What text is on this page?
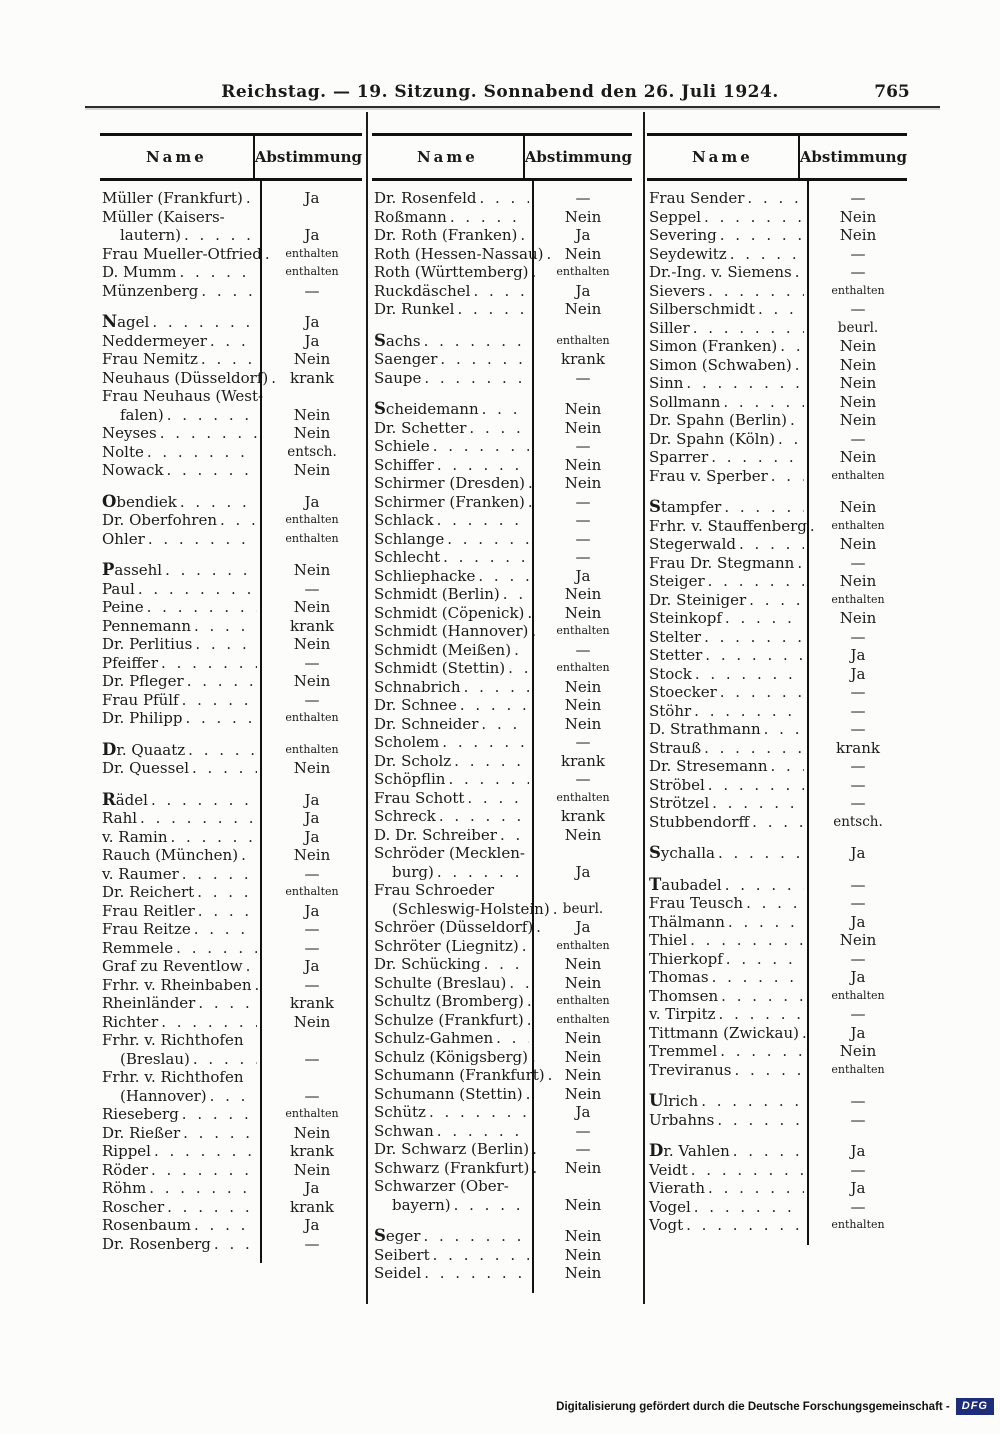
Reichstag. — 19. Sitzung. Sonnabend den 26. Juli 1924.	765
Name	Abstimmung
Müller (Frankfurt) . . .	Ja
Müller (Kaisers-
lautern) . . .	Ja
Frau Mueller-Otfried . . . enthalten
D. Mumm . . .	enthalten
Münzenberg . . .	—
Nagel . . .	Ja
Neddermeyer . . .	Ja
Frau Nemitz . . .	Nein
Neuhaus (Düsseldorf) . . . krank
Frau Neuhaus (West-
falen) . . .	Nein
Neyses . . .	Nein
Nolte . . .	entsch.
Nowack . . .	Nein
Obendiek . . .	Ja
Dr. Oberfohren . . .	enthalten
Ohler . . .	enthalten
Passehl . . .	Nein
Paul . . .	—
Peine . . .	Nein
Pennemann . . .	krank
Dr. Perlitius . . .	Nein
Pfeiffer . . .	—
Dr. Pfleger . . .	Nein
Frau Pfülf . . .	—
Dr. Philipp . . .	enthalten
Dr. Quaatz . . .	enthalten
Dr. Quessel . . .	Nein
Rädel . . .	Ja
Rahl . . .	Ja
v. Ramin . . .	Ja
Rauch (München) . . .	Nein
v. Raumer . . .	—
Dr. Reichert . . .	enthalten
Frau Reitler . . .	Ja
Frau Reitze . . .	—
Remmele . . .	—
Graf zu Reventlow . . .	Ja
Frhr. v. Rheinbaben . . .	—
Rheinländer . . .	krank
Richter . . .	Nein
Frhr. v. Richthofen
(Breslau) . . .	—
Frhr. v. Richthofen
(Hannover) . . .	—
Rieseberg . . .	enthalten
Dr. Rießer . . .	Nein
Rippel . . .	krank
Röder . . .	Nein
Röhm . . .	Ja
Roscher . . .	krank
Rosenbaum . . .	Ja
Dr. Rosenberg . . .	—
Name	Abstimmung
Dr. Rosenfeld . . .	—
Roßmann . . .	Nein
Dr. Roth (Franken) . . .	Ja
Roth (Hessen-Nassau) . . . Nein
Roth (Württemberg) . . .	enthalten
Ruckdäschel . . .	Ja
Dr. Runkel . . .	Nein
Sachs . . .	enthalten
Saenger . . .	krank
Saupe . . .	—
Scheidemann . . .	Nein
Dr. Schetter . . .	Nein
Schiele . . .	—
Schiffer . . .	Nein
Schirmer (Dresden) . . .	Nein
Schirmer (Franken) . . .	—
Schlack . . .	—
Schlange . . .	—
Schlecht . . .	—
Schliephacke . . .	Ja
Schmidt (Berlin) . . .	Nein
Schmidt (Cöpenick) . . .	Nein
Schmidt (Hannover) . . .	enthalten
Schmidt (Meißen) . . .	—
Schmidt (Stettin) . . .	enthalten
Schnabrich . . .	Nein
Dr. Schnee . . .	Nein
Dr. Schneider . . .	Nein
Scholem . . .	—
Dr. Scholz . . .	krank
Schöpflin . . .	—
Frau Schott . . .	enthalten
Schreck . . .	krank
D. Dr. Schreiber . . .	Nein
Schröder (Mecklen-
burg) . . .	Ja
Frau Schroeder
(Schleswig-Holstein) . . . beurl.
Schröer (Düsseldorf) . . .	Ja
Schröter (Liegnitz) . . .	enthalten
Dr. Schücking . . .	Nein
Schulte (Breslau) . . .	Nein
Schultz (Bromberg) . . .	enthalten
Schulze (Frankfurt) . . .	enthalten
Schulz-Gahmen . . .	Nein
Schulz (Königsberg) . . . Nein
Schumann (Frankfurt) . . . Nein
Schumann (Stettin) . . .	Nein
Schütz . . .	Ja
Schwan . . .	—
Dr. Schwarz (Berlin) . . .	—
Schwarz (Frankfurt) . . . Nein
Schwarzer (Ober-
bayern) . . .	Nein
Seger . . .	Nein
Seibert . . .	Nein
Seidel . . .	Nein
Name	Abstimmung
Frau Sender . . .	—
Seppel . . .	Nein
Severing . . .	Nein
Seydewitz . . .	—
Dr.-Ing. v. Siemens . . .	—
Sievers . . .	enthalten
Silberschmidt . . .	—
Siller . . .	beurl.
Simon (Franken) . . .	Nein
Simon (Schwaben) . . .	Nein
Sinn . . .	Nein
Sollmann . . .	Nein
Dr. Spahn (Berlin) . . .	Nein
Dr. Spahn (Köln) . . .	—
Sparrer . . .	Nein
Frau v. Sperber . . .	enthalten
Stampfer . . .	Nein
Frhr. v. Stauffenberg . . . enthalten
Stegerwald . . .	Nein
Frau Dr. Stegmann . . .	—
Steiger . . .	Nein
Dr. Steiniger . . .	enthalten
Steinkopf . . .	Nein
Stelter . . .	—
Stetter . . .	Ja
Stock . . .	Ja
Stoecker . . .	—
Stöhr . . .	—
D. Strathmann . . .	—
Strauß . . .	krank
Dr. Stresemann . . .	—
Ströbel . . .	—
Strötzel . . .	—
Stubbendorff . . .	entsch.
Sychalla . . .	Ja
Taubadel . . .	—
Frau Teusch . . .	—
Thälmann . . .	Ja
Thiel . . .	Nein
Thierkopf . . .	—
Thomas . . .	Ja
Thomsen . . .	enthalten
v. Tirpitz . . .	—
Tittmann (Zwickau) . . .	Ja
Tremmel . . .	Nein
Treviranus . . .	enthalten
Ulrich . . .	—
Urbahns . . .	—
Dr. Vahlen . . .	Ja
Veidt . . .	—
Vierath . . .	Ja
Vogel . . .	—
Vogt . . .	enthalten
Digitalisierung gefördert durch die Deutsche Forschungsgemeinschaft -	DFG
